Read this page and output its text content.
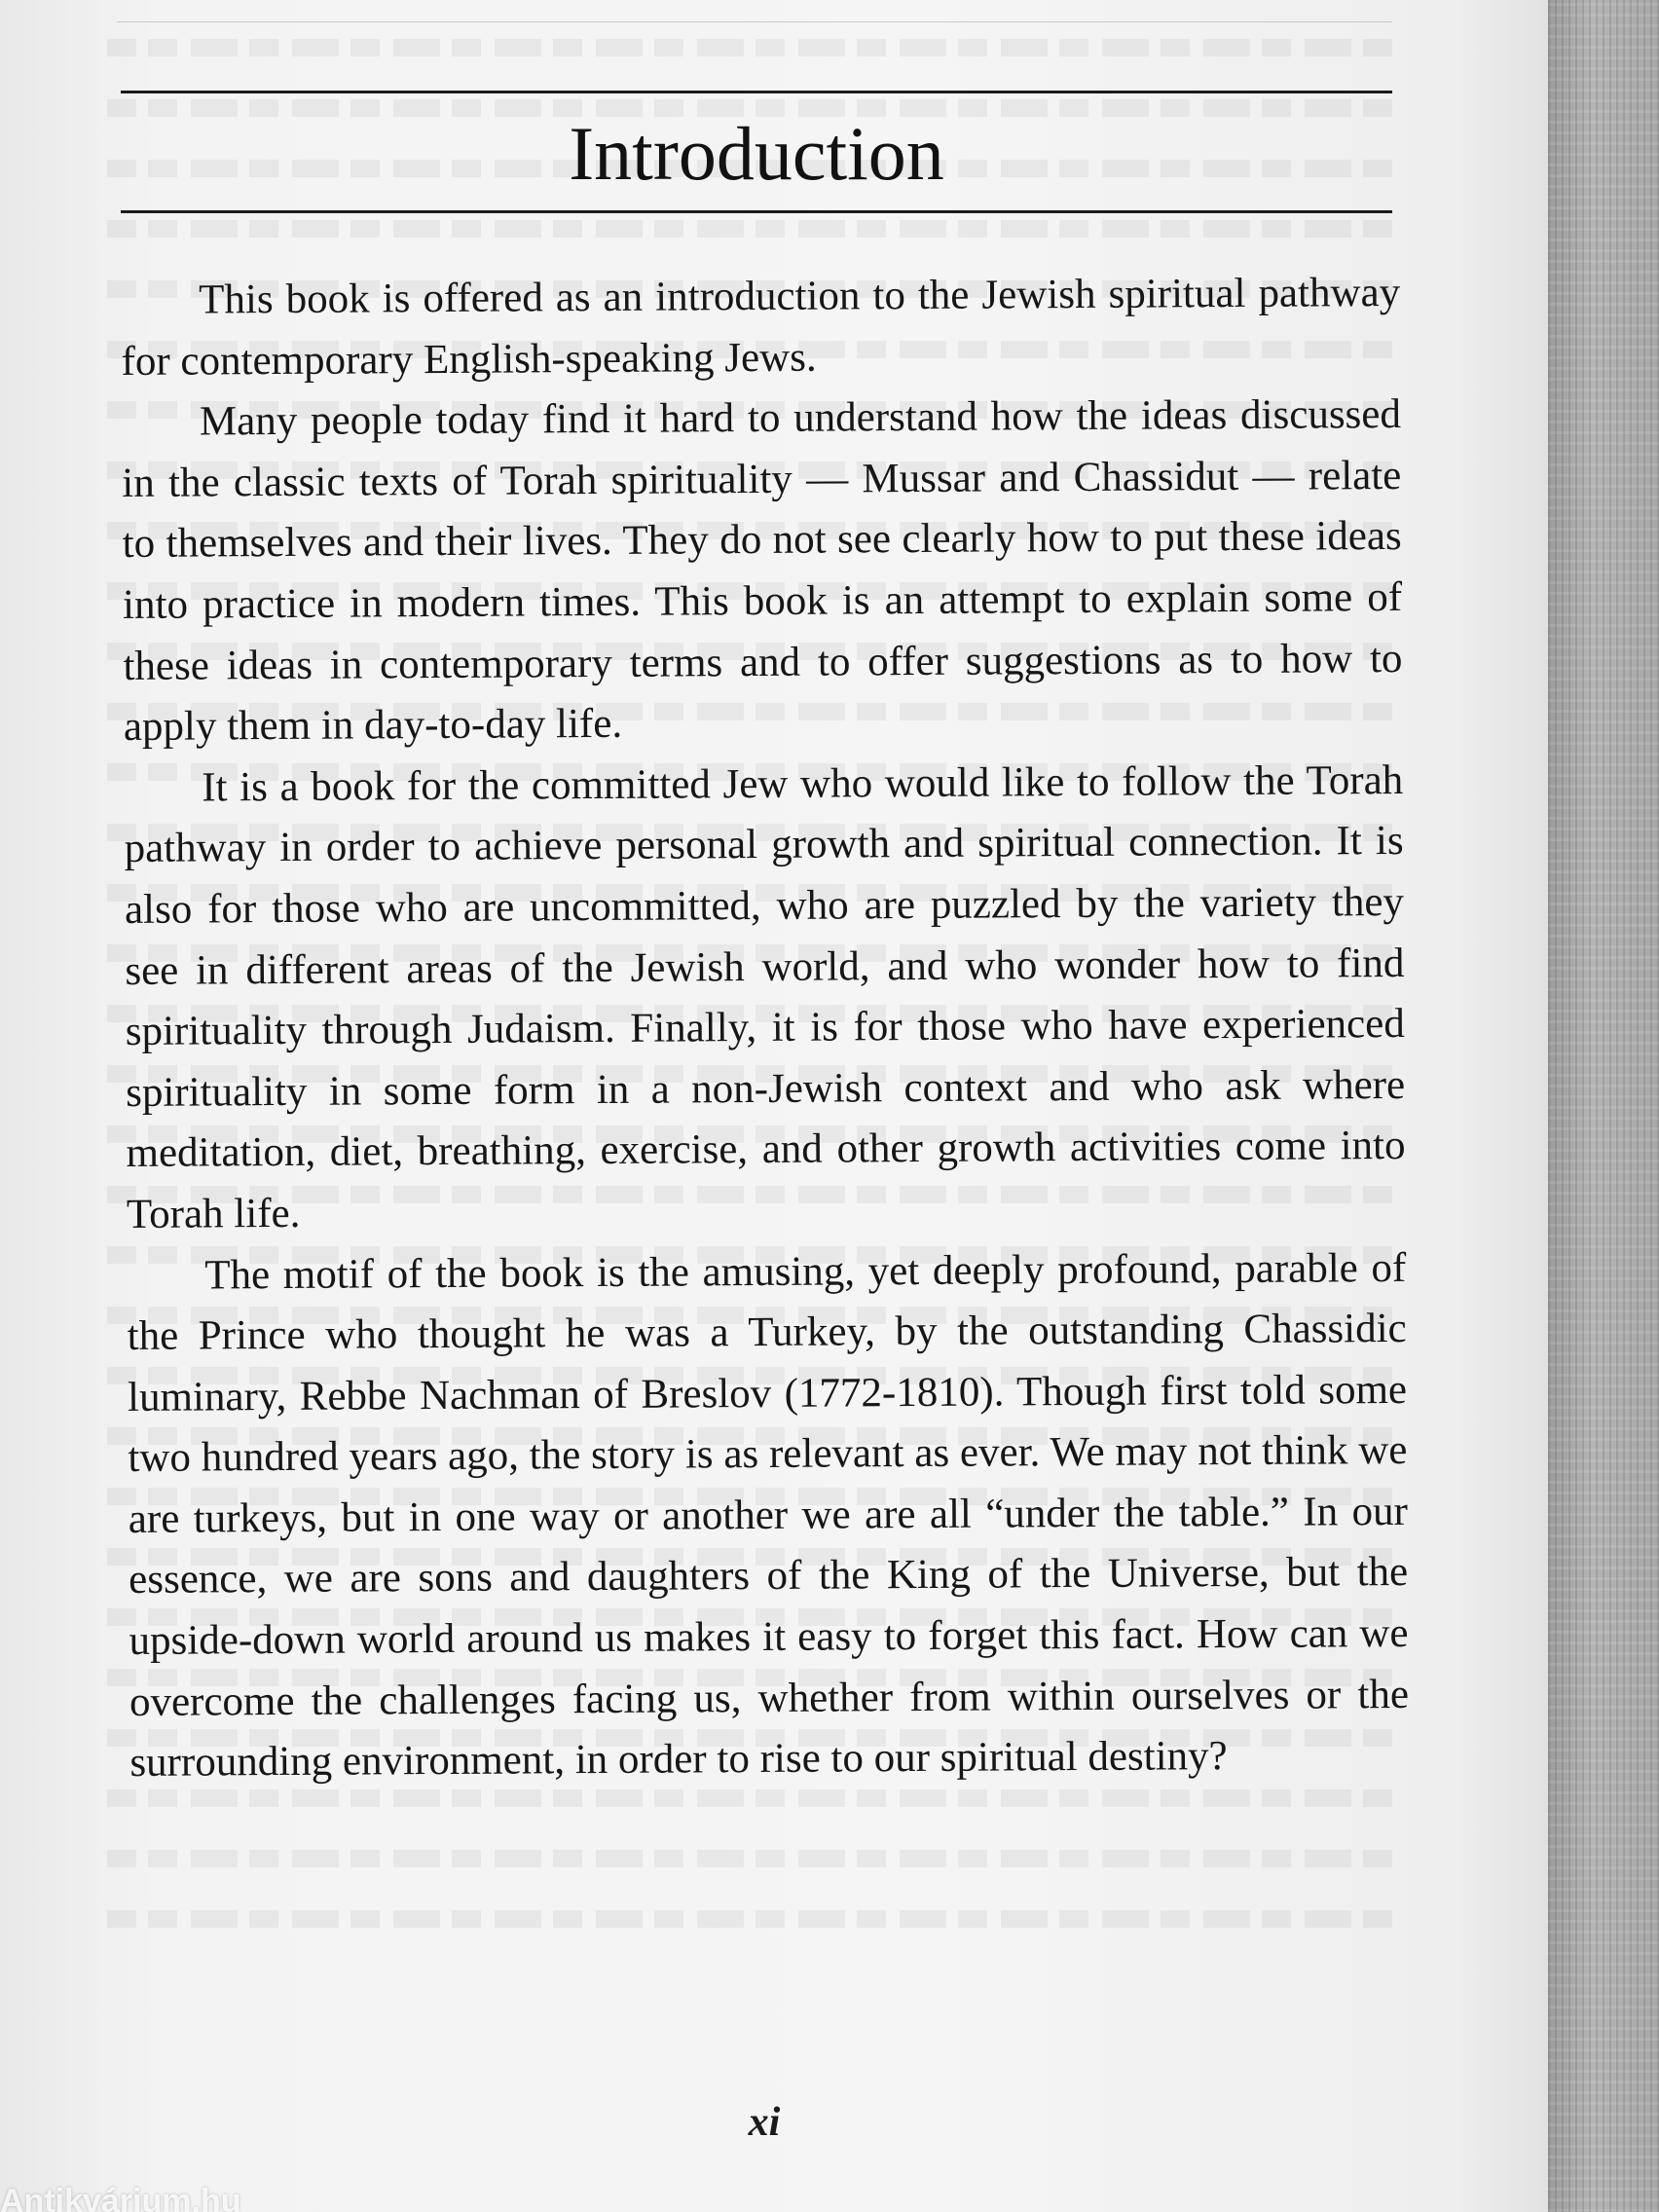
Introduction

This book is offered as an introduction to the Jewish spiritual pathway for contemporary English-speaking Jews.

Many people today find it hard to understand how the ideas discussed in the classic texts of Torah spirituality — Mussar and Chassidut — relate to themselves and their lives. They do not see clearly how to put these ideas into practice in modern times. This book is an attempt to explain some of these ideas in contemporary terms and to offer suggestions as to how to apply them in day-to-day life.

It is a book for the committed Jew who would like to follow the Torah pathway in order to achieve personal growth and spiritual connection. It is also for those who are uncommitted, who are puzzled by the variety they see in different areas of the Jewish world, and who wonder how to find spirituality through Judaism. Finally, it is for those who have experienced spirituality in some form in a non-Jewish context and who ask where meditation, diet, breathing, exercise, and other growth activities come into Torah life.

The motif of the book is the amusing, yet deeply profound, parable of the Prince who thought he was a Turkey, by the outstanding Chassidic luminary, Rebbe Nachman of Breslov (1772-1810). Though first told some two hundred years ago, the story is as relevant as ever. We may not think we are turkeys, but in one way or another we are all “under the table.” In our essence, we are sons and daughters of the King of the Universe, but the upside-down world around us makes it easy to forget this fact. How can we overcome the challenges facing us, whether from within ourselves or the surrounding environment, in order to rise to our spiritual destiny?

xi
Antikvárium.hu
